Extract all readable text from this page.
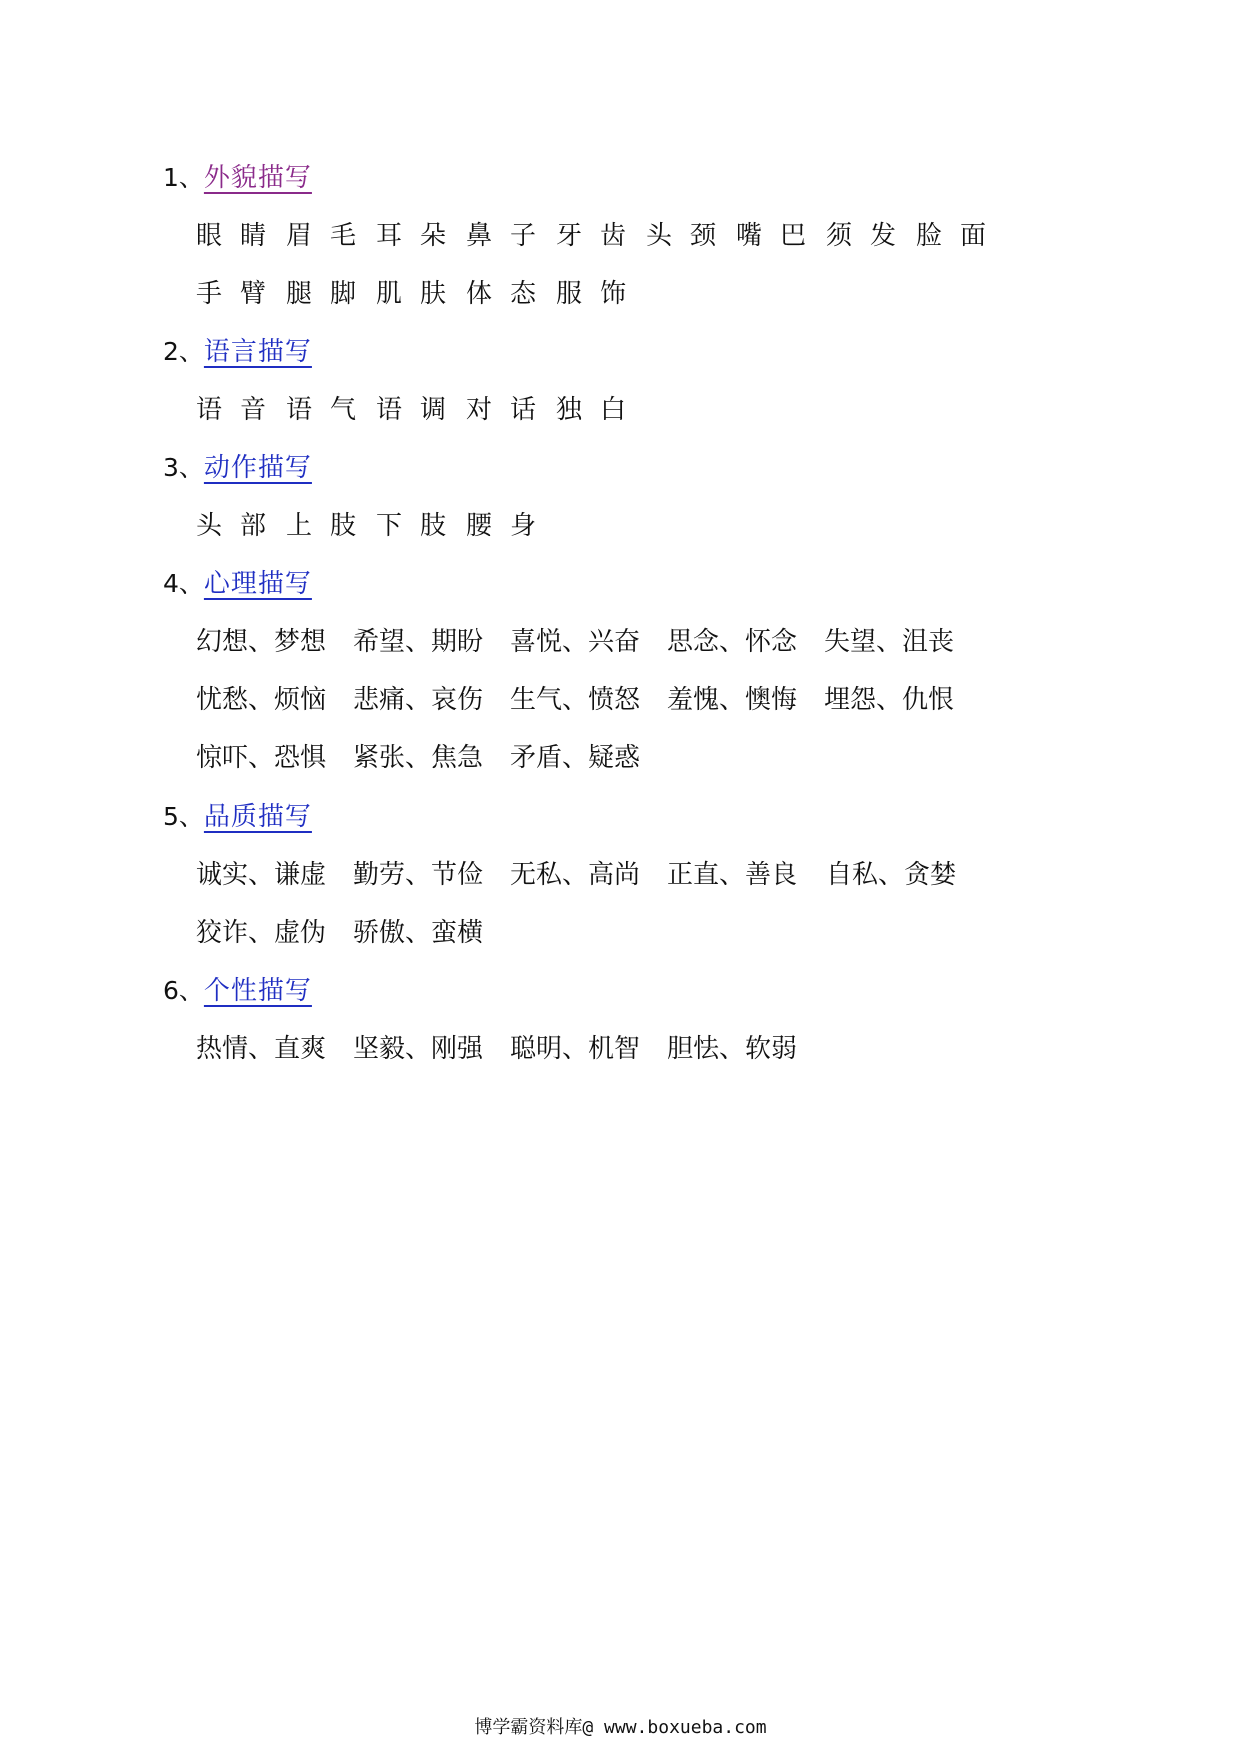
1、外貌描写
眼睛 眉毛 耳朵 鼻子 牙齿 头颈 嘴巴 须发 脸面
手臂 腿脚 肌肤 体态 服饰
2、语言描写
语音 语气 语调 对话 独白
3、动作描写
头部 上肢 下肢 腰身
4、心理描写
幻想、梦想 希望、期盼 喜悦、兴奋 思念、怀念 失望、沮丧
忧愁、烦恼 悲痛、哀伤 生气、愤怒 羞愧、懊悔 埋怨、仇恨
惊吓、恐惧 紧张、焦急 矛盾、疑惑
5、品质描写
诚实、谦虚 勤劳、节俭 无私、高尚 正直、善良 自私、贪婪
狡诈、虚伪 骄傲、蛮横
6、个性描写
热情、直爽 坚毅、刚强 聪明、机智 胆怯、软弱
博学霸资料库@ www.boxueba.com
